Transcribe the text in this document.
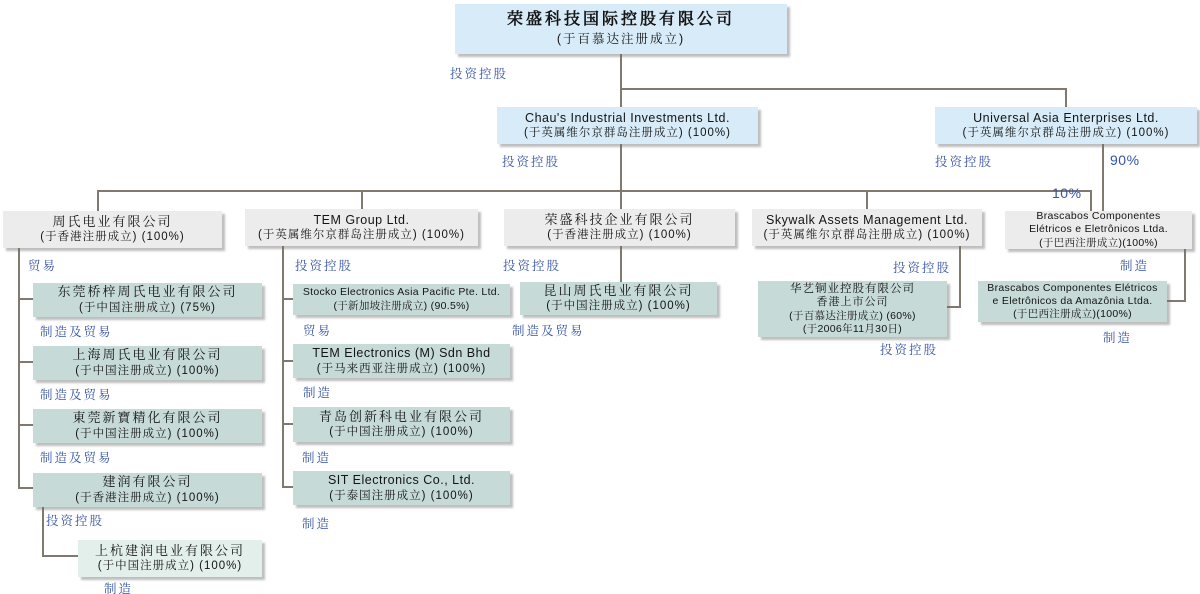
荣盛科技国际控股有限公司
(于百慕达注册成立)
投资控股
Chau's Industrial Investments Ltd.
(于英属维尔京群岛注册成立) (100%)
投资控股
Universal Asia Enterprises Ltd.
(于英属维尔京群岛注册成立) (100%)
投资控股	90%
10%
周氏电业有限公司
(于香港注册成立) (100%)
贸易
TEM Group Ltd.
(于英属维尔京群岛注册成立) (100%)
投资控股
荣盛科技企业有限公司
(于香港注册成立) (100%)
投资控股
Skywalk Assets Management Ltd.
(于英属维尔京群岛注册成立) (100%)
投资控股
Brascabos Componentes
Elétricos e Eletrônicos Ltda.
(于巴西注册成立)(100%)
制造
东莞桥梓周氏电业有限公司
(于中国注册成立) (75%)
制造及贸易
上海周氏电业有限公司
(于中国注册成立) (100%)
制造及贸易
東莞新寶精化有限公司
(于中国注册成立) (100%)
制造及贸易
建润有限公司
(于香港注册成立) (100%)
投资控股
上杭建润电业有限公司
(于中国注册成立) (100%)
制造
Stocko Electronics Asia Pacific Pte. Ltd.
(于新加坡注册成立) (90.5%)
贸易
TEM Electronics (M) Sdn Bhd
(于马来西亚注册成立) (100%)
制造
青岛创新科电业有限公司
(于中国注册成立) (100%)
制造
SIT Electronics Co., Ltd.
(于泰国注册成立) (100%)
制造
昆山周氏电业有限公司
(于中国注册成立) (100%)
制造及贸易
华艺铜业控股有限公司
香港上市公司
(于百慕达注册成立) (60%)
(于2006年11月30日)
投资控股
Brascabos Componentes Elétricos
e Eletrônicos da Amazônia Ltda.
(于巴西注册成立)(100%)
制造
